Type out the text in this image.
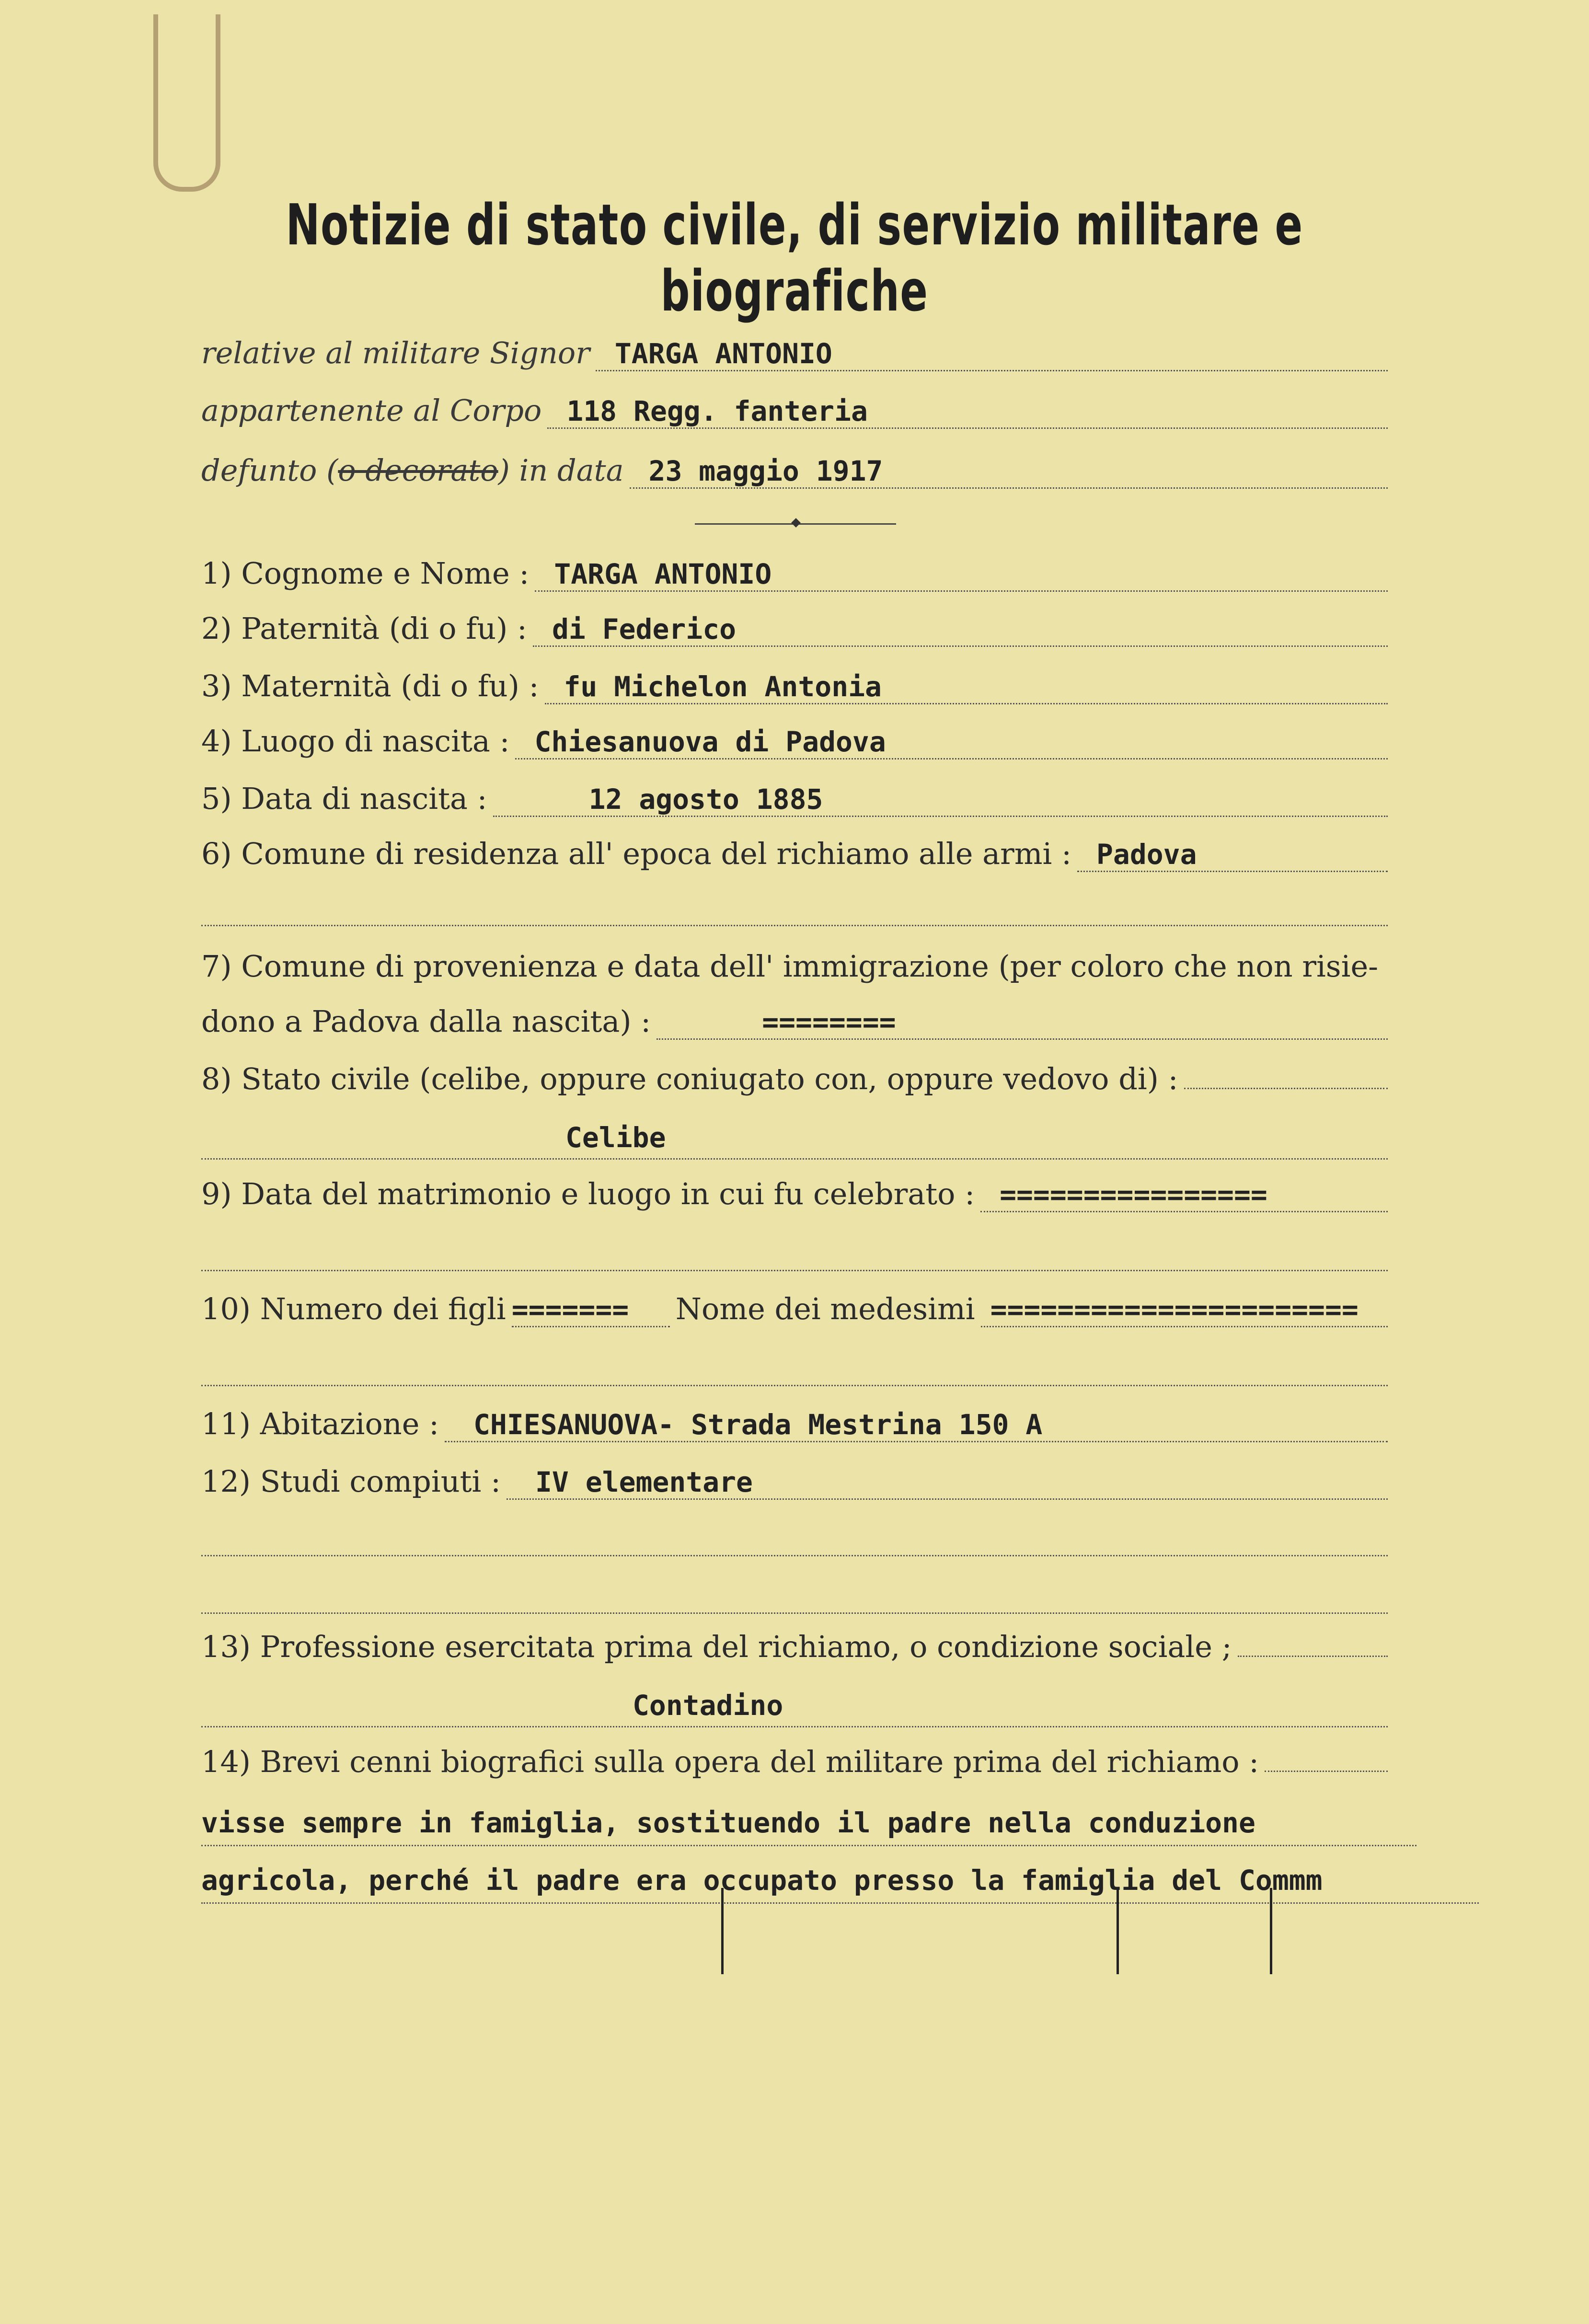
Notizie di stato civile, di servizio militare e biografiche
relative al militare Signor TARGA ANTONIO
appartenente al Corpo 118 Regg. fanteria
defunto ( o decorato ) in data 23 maggio 1917
1) Cognome e Nome : TARGA ANTONIO
2) Paternità (di o fu) : di Federico
3) Maternità (di o fu) : fu Michelon Antonia
4) Luogo di nascita : Chiesanuova di Padova
5) Data di nascita :	12 agosto 1885
6) Comune di residenza all' epoca del richiamo alle armi : Padova
7) Comune di provenienza e data dell' immigrazione (per coloro che non risie-
dono a Padova dalla nascita) :	========
8) Stato civile (celibe, oppure coniugato con, oppure vedovo di) :
Celibe
9) Data del matrimonio e luogo in cui fu celebrato : ================
10) Numero dei figli =======	Nome dei medesimi ======================
11) Abitazione :	CHIESANUOVA- Strada Mestrina 150 A
12) Studi compiuti :	IV elementare
13) Professione esercitata prima del richiamo, o condizione sociale ;
Contadino
14) Brevi cenni biografici sulla opera del militare prima del richiamo :
visse sempre in famiglia, sostituendo il padre nella conduzione
agricola, perché il padre era occupato presso la famiglia del Commm
